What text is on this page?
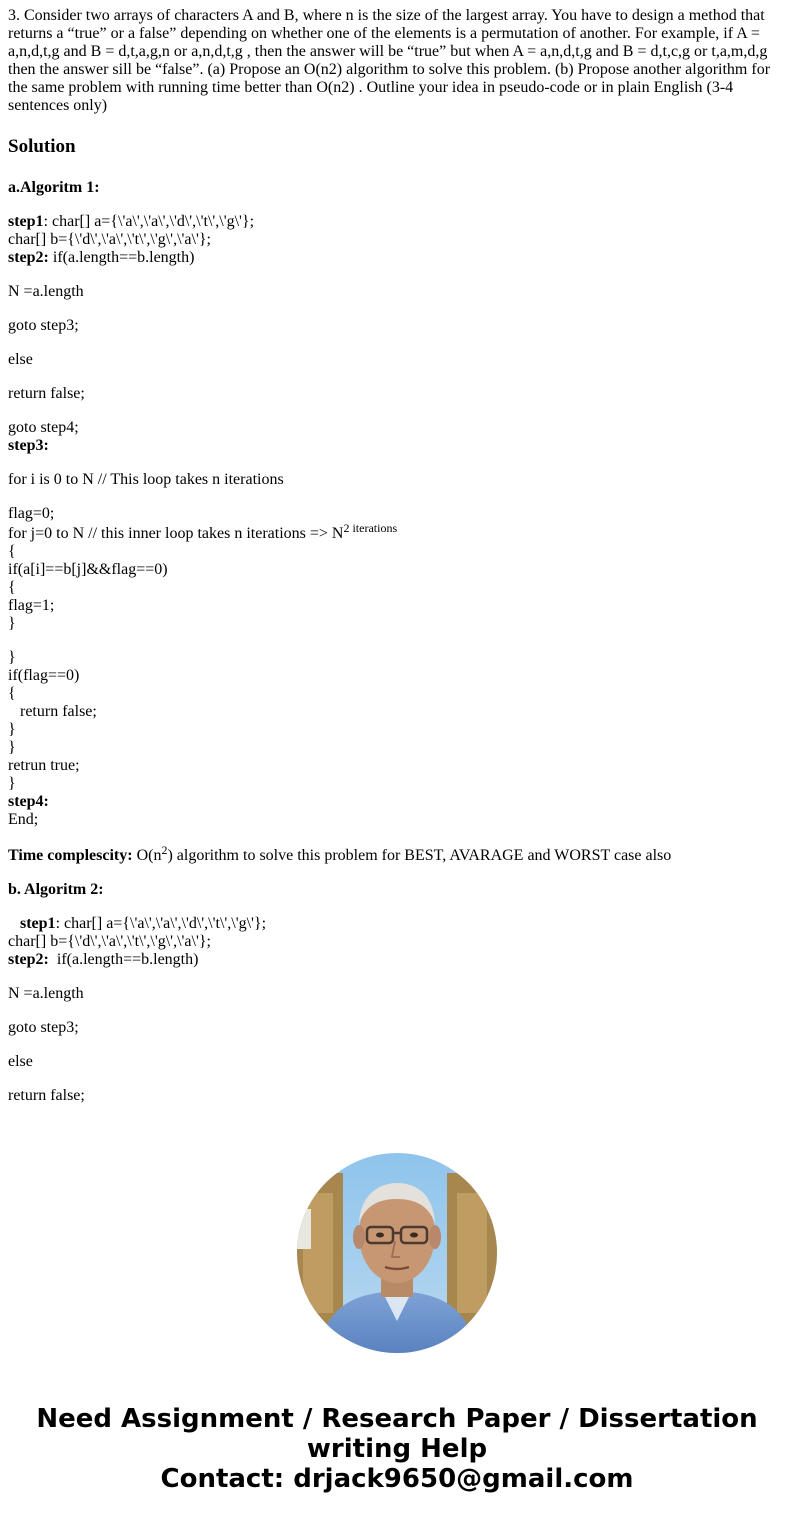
3. Consider two arrays of characters A and B, where n is the size of the largest array. You have to design a method that returns a “true” or a false” depending on whether one of the elements is a permutation of another. For example, if A = a,n,d,t,g and B = d,t,a,g,n or a,n,d,t,g , then the answer will be “true” but when A = a,n,d,t,g and B = d,t,c,g or t,a,m,d,g then the answer sill be “false”. (a) Propose an O(n2) algorithm to solve this problem. (b) Propose another algorithm for the same problem with running time better than O(n2) . Outline your idea in pseudo-code or in plain English (3-4 sentences only)

Solution
a.Algoritm 1:
step1: char[] a={\'a\',\'a\',\'d\',\'t\',\'g\'};
char[] b={\'d\',\'a\',\'t\',\'g\',\'a\'};
step2: if(a.length==b.length)
N =a.length
goto step3;
else
return false;
goto step4;
step3:
for i is 0 to N // This loop takes n iterations
flag=0;
for j=0 to N // this inner loop takes n iterations => $N^{2 iterations}$
{
if(a[i]==b[j]&&flag==0)
{
flag=1;
}
}
if(flag==0)
{
return false;
}
}
retrun true;
}
step4:
End;
Time complescity: $O(n^2)$ algorithm to solve this problem for BEST, AVARAGE and WORST case also
b. Algoritm 2:
step1: char[] a={\'a\',\'a\',\'d\',\'t\',\'g\'};
char[] b={\'d\',\'a\',\'t\',\'g\',\'a\'};
step2:  if(a.length==b.length)
N =a.length
goto step3;
else
return false;
Need Assignment / Research Paper / Dissertation
writing Help
Contact: drjack9650@gmail.com
